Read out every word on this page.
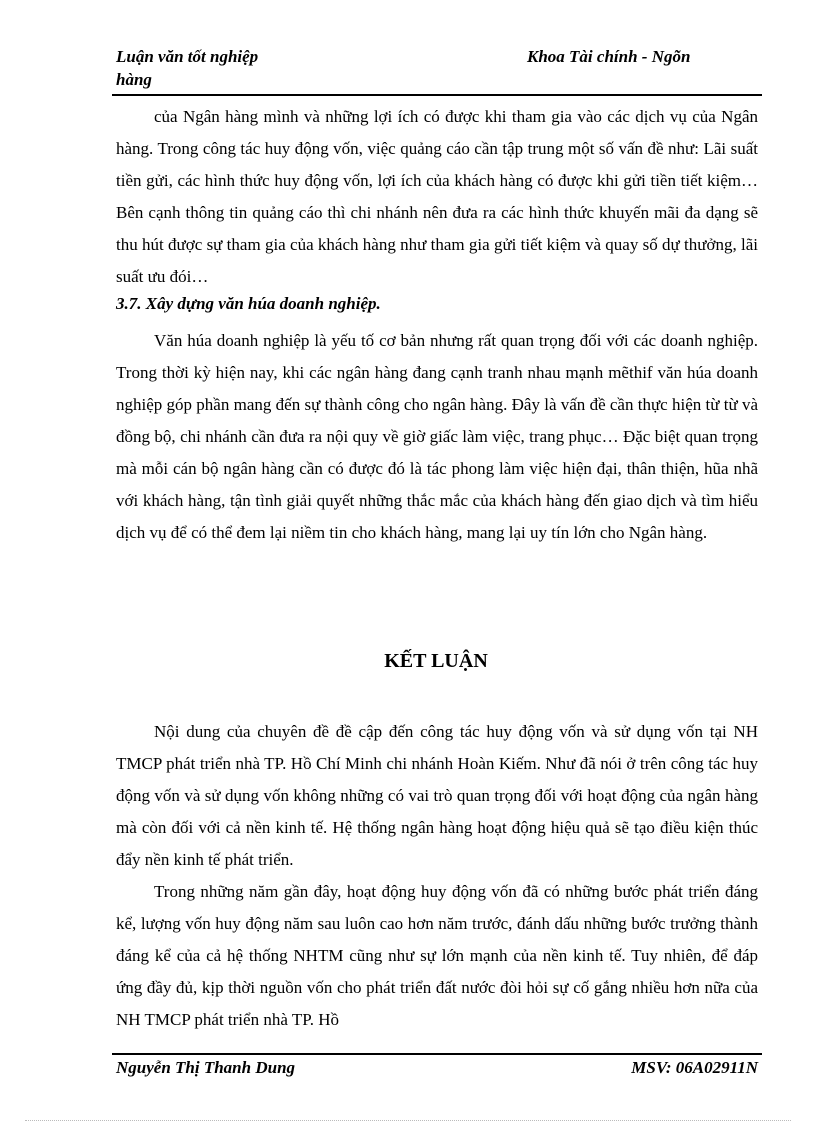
Luận văn tốt nghiệp
hàng
Khoa Tài chính - Ngõn

của Ngân hàng mình và những lợi ích có được khi tham gia vào các dịch vụ của Ngân hàng. Trong công tác huy động vốn, việc quảng cáo cần tập trung một số vấn đề như: Lãi suất tiền gửi, các hình thức huy động vốn, lợi ích của khách hàng có được khi gửi tiền tiết kiệm… Bên cạnh thông tin quảng cáo thì chi nhánh nên đưa ra các hình thức khuyến mãi đa dạng sẽ thu hút được sự tham gia của khách hàng như tham gia gửi tiết kiệm và quay số dự thưởng, lãi suất ưu đói…

3.7. Xây dựng văn húa doanh nghiệp.

Văn húa doanh nghiệp là yếu tố cơ bản nhưng rất quan trọng đối với các doanh nghiệp. Trong thời kỳ hiện nay, khi các ngân hàng đang cạnh tranh nhau mạnh mẽthif văn húa doanh nghiệp góp phần mang đến sự thành công cho ngân hàng. Đây là vấn đề cần thực hiện từ từ và đồng bộ, chi nhánh cần đưa ra nội quy về giờ giấc làm việc, trang phục… Đặc biệt quan trọng mà mỗi cán bộ ngân hàng cần có được đó là tác phong làm việc hiện đại, thân thiện, hũa nhã với khách hàng, tận tình giải quyết những thắc mắc của khách hàng đến giao dịch và tìm hiểu dịch vụ để có thể đem lại niềm tin cho khách hàng, mang lại uy tín lớn cho Ngân hàng.

KẾT LUẬN

Nội dung của chuyên đề đề cập đến công tác huy động vốn và sử dụng vốn tại NH TMCP phát triển nhà TP. Hồ Chí Minh chi nhánh Hoàn Kiếm. Như đã nói ở trên công tác huy động vốn và sử dụng vốn không những có vai trò quan trọng đối với hoạt động của ngân hàng mà còn đối với cả nền kinh tế. Hệ thống ngân hàng hoạt động hiệu quả sẽ tạo điều kiện thúc đẩy nền kinh tế phát triển.

Trong những năm gần đây, hoạt động huy động vốn đã có những bước phát triển đáng kể, lượng vốn huy động năm sau luôn cao hơn năm trước, đánh dấu những bước trưởng thành đáng kể của cả hệ thống NHTM cũng như sự lớn mạnh của nền kinh tế. Tuy nhiên, để đáp ứng đầy đủ, kịp thời nguồn vốn cho phát triển đất nước đòi hỏi sự cố gắng nhiều hơn nữa của NH TMCP phát triển nhà TP. Hồ

Nguyễn Thị Thanh Dung	MSV: 06A02911N
